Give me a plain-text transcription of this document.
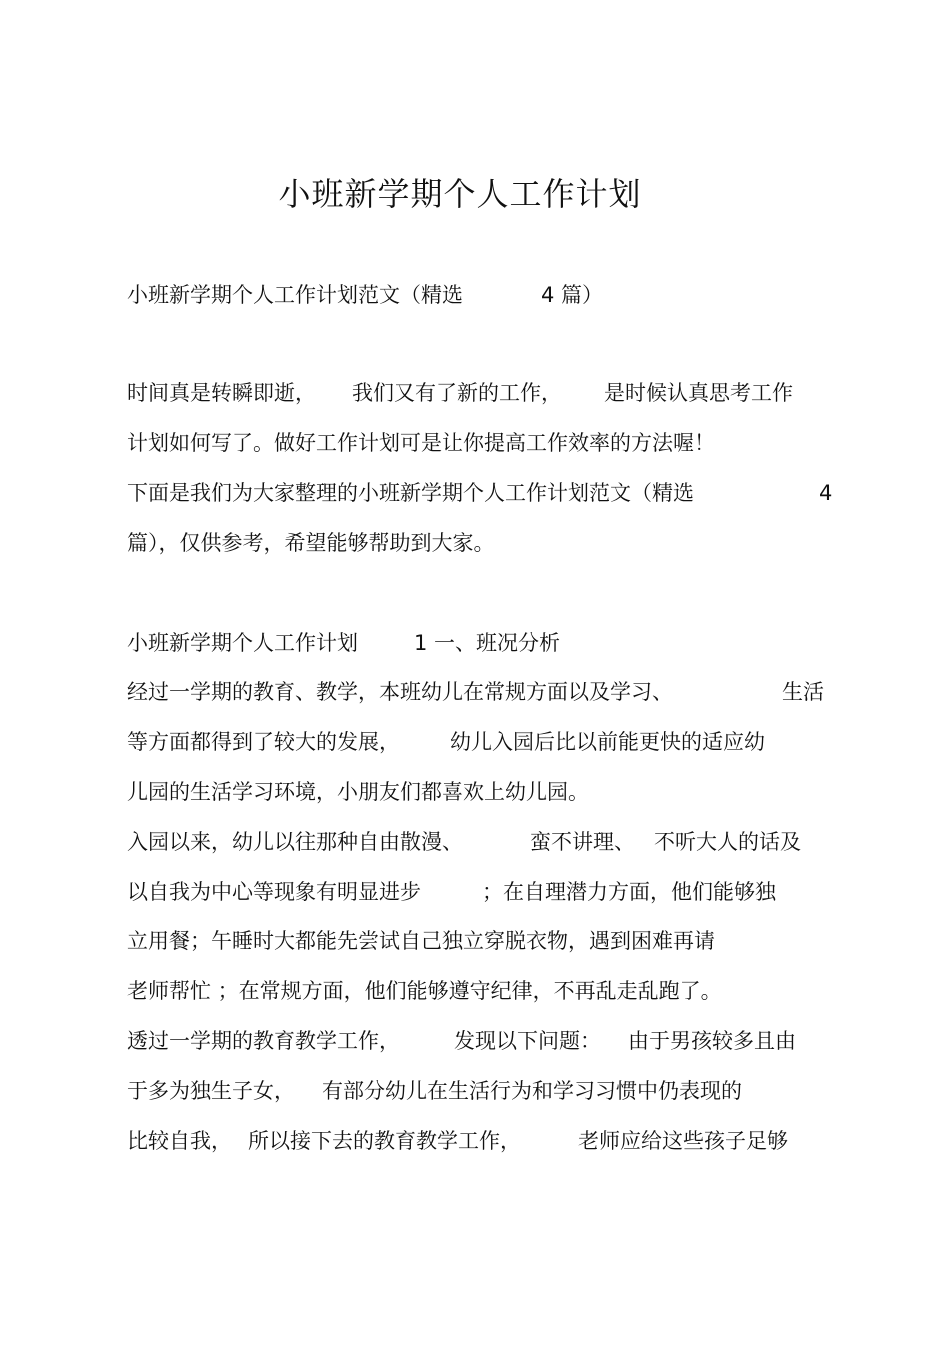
小班新学期个人工作计划
小班新学期个人工作计划范文（精选	4 篇）
时间真是转瞬即逝， 我们又有了新的工作， 是时候认真思考工作
计划如何写了。做好工作计划可是让你提高工作效率的方法喔！
下面是我们为大家整理的小班新学期个人工作计划范文（精选	4
篇），仅供参考，希望能够帮助到大家。
小班新学期个人工作计划	1 一、班况分析
经过一学期的教育、教学，本班幼儿在常规方面以及学习、	生活
等方面都得到了较大的发展， 幼儿入园后比以前能更快的适应幼
儿园的生活学习环境，小朋友们都喜欢上幼儿园。
入园以来，幼儿以往那种自由散漫、	蛮不讲理、 不听大人的话及
以自我为中心等现象有明显进步	；在自理潜力方面，他们能够独
立用餐；午睡时大都能先尝试自己独立穿脱衣物，遇到困难再请
老师帮忙 ；在常规方面，他们能够遵守纪律，不再乱走乱跑了。
透过一学期的教育教学工作，	发现以下问题： 由于男孩较多且由
于多为独生子女， 有部分幼儿在生活行为和学习习惯中仍表现的
比较自我， 所以接下去的教育教学工作，	老师应给这些孩子足够
